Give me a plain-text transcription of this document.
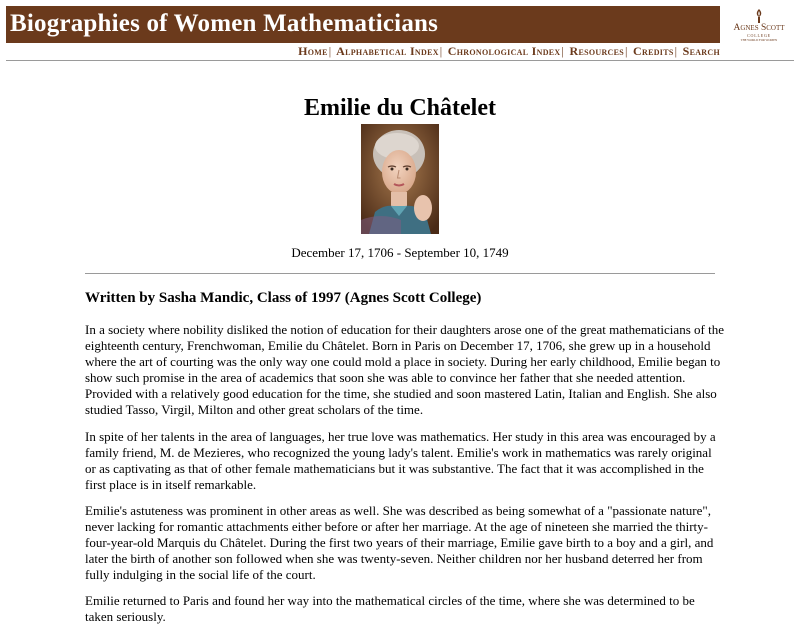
Biographies of Women Mathematicians	Agnes Scott
COLLEGE
THE WORLD FOR WOMEN
Home| Alphabetical Index| Chronological Index| Resources| Credits| Search
Emilie du Châtelet
December 17, 1706 - September 10, 1749
Written by Sasha Mandic, Class of 1997 (Agnes Scott College)

In a society where nobility disliked the notion of education for their daughters arose one of the great mathematicians of the eighteenth century, Frenchwoman, Emilie du Châtelet. Born in Paris on December 17, 1706, she grew up in a household where the art of courting was the only way one could mold a place in society. During her early childhood, Emilie began to show such promise in the area of academics that soon she was able to convince her father that she needed attention. Provided with a relatively good education for the time, she studied and soon mastered Latin, Italian and English. She also studied Tasso, Virgil, Milton and other great scholars of the time.

In spite of her talents in the area of languages, her true love was mathematics. Her study in this area was encouraged by a family friend, M. de Mezieres, who recognized the young lady's talent. Emilie's work in mathematics was rarely original or as captivating as that of other female mathematicians but it was substantive. The fact that it was accomplished in the first place is in itself remarkable.

Emilie's astuteness was prominent in other areas as well. She was described as being somewhat of a "passionate nature", never lacking for romantic attachments either before or after her marriage. At the age of nineteen she married the thirty-four-year-old Marquis du Châtelet. During the first two years of their marriage, Emilie gave birth to a boy and a girl, and later the birth of another son followed when she was twenty-seven. Neither children nor her husband deterred her from fully indulging in the social life of the court.

Emilie returned to Paris and found her way into the mathematical circles of the time, where she was determined to be taken seriously.
